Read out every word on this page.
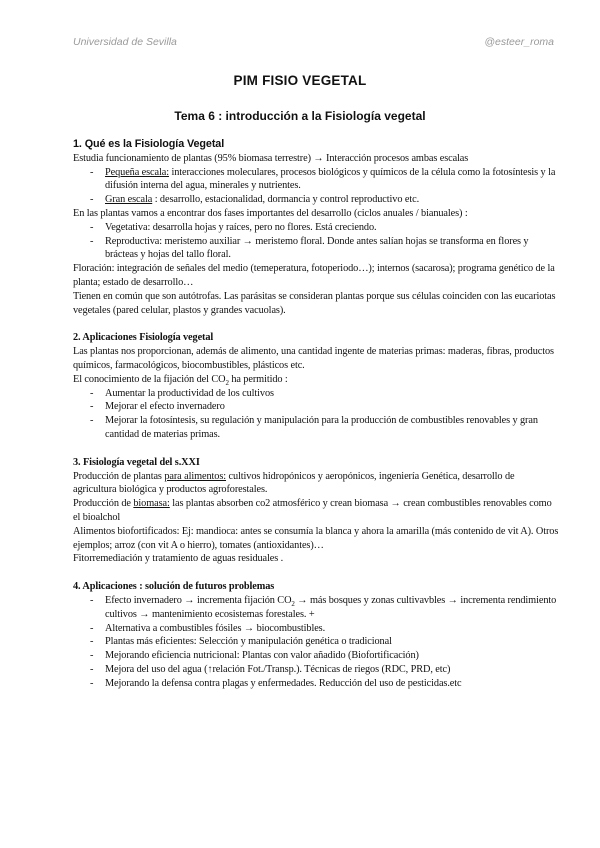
Universidad de Sevilla	@esteer_roma
PIM FISIO VEGETAL
Tema 6 : introducción a la Fisiología vegetal

1. Qué es la Fisiología Vegetal

Estudia funcionamiento de plantas (95% biomasa terrestre) → Interacción procesos ambas escalas

- Pequeña escala: interacciones moleculares, procesos biológicos y químicos de la célula como la fotosíntesis y la difusión interna del agua, minerales y nutrientes.
- Gran escala : desarrollo, estacionalidad, dormancia y control reproductivo etc.

En las plantas vamos a encontrar dos fases importantes del desarrollo (ciclos anuales / bianuales) :

- Vegetativa: desarrolla hojas y raíces, pero no flores. Está creciendo.
- Reproductiva: meristemo auxiliar → meristemo floral. Donde antes salían hojas se transforma en flores y brácteas y hojas del tallo floral.

Floración: integración de señales del medio (temeperatura, fotoperiodo…); internos (sacarosa); programa genético de la planta; estado de desarrollo…

Tienen en común que son autótrofas. Las parásitas se consideran plantas porque sus células coinciden con las eucariotas vegetales (pared celular, plastos y grandes vacuolas).

2. Aplicaciones Fisiología vegetal

Las plantas nos proporcionan, además de alimento, una cantidad ingente de materias primas: maderas, fibras, productos químicos, farmacológicos, biocombustibles, plásticos etc.

El conocimiento de la fijación del $CO_2$ ha permitido :

- Aumentar la productividad de los cultivos
- Mejorar el efecto invernadero
- Mejorar la fotosíntesis, su regulación y manipulación para la producción de combustibles renovables y gran cantidad de materias primas.

3. Fisiología vegetal del s.XXI

Producción de plantas para alimentos: cultivos hidropónicos y aeropónicos, ingeniería Genética, desarrollo de agricultura biológica y productos agroforestales.

Producción de biomasa: las plantas absorben co2 atmosférico y crean biomasa → crean combustibles renovables como el bioalchol

Alimentos biofortificados: Ej: mandioca: antes se consumía la blanca y ahora la amarilla (más contenido de vit A). Otros ejemplos; arroz (con vit A o hierro), tomates (antioxidantes)…

Fitorremediación y tratamiento de aguas residuales .

4. Aplicaciones : solución de futuros problemas

- Efecto invernadero → incrementa fijación $CO_2$ → más bosques y zonas cultivavbles → incrementa rendimiento cultivos → mantenimiento ecosistemas forestales. +
- Alternativa a combustibles fósiles → biocombustibles.
- Plantas más eficientes: Selección y manipulación genética o tradicional
- Mejorando eficiencia nutricional: Plantas con valor añadido (Biofortificación)
- Mejora del uso del agua (↑relación Fot./Transp.). Técnicas de riegos (RDC, PRD, etc)
- Mejorando la defensa contra plagas y enfermedades. Reducción del uso de pesticidas.etc
